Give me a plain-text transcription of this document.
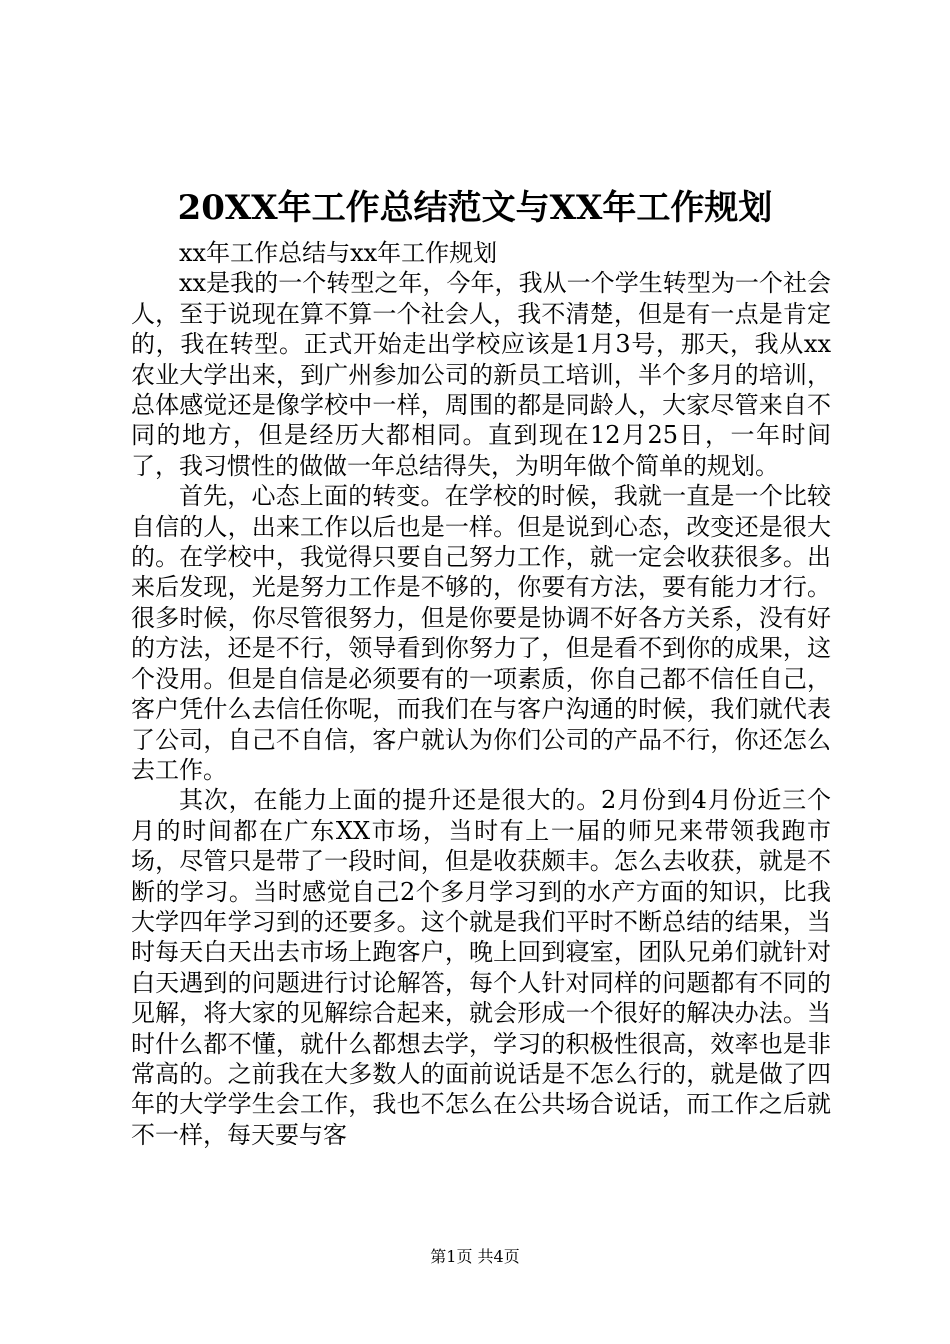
20XX年工作总结范文与XX年工作规划

xx年工作总结与xx年工作规划

xx是我的一个转型之年，今年，我从一个学生转型为一个社会人，至于说现在算不算一个社会人，我不清楚，但是有一点是肯定的，我在转型。正式开始走出学校应该是1月3号，那天，我从xx农业大学出来，到广州参加公司的新员工培训，半个多月的培训，总体感觉还是像学校中一样，周围的都是同龄人，大家尽管来自不同的地方，但是经历大都相同。直到现在12月25日，一年时间了，我习惯性的做做一年总结得失，为明年做个简单的规划。

首先，心态上面的转变。在学校的时候，我就一直是一个比较自信的人，出来工作以后也是一样。但是说到心态，改变还是很大的。在学校中，我觉得只要自己努力工作，就一定会收获很多。出来后发现，光是努力工作是不够的，你要有方法，要有能力才行。很多时候，你尽管很努力，但是你要是协调不好各方关系，没有好的方法，还是不行，领导看到你努力了，但是看不到你的成果，这个没用。但是自信是必须要有的一项素质，你自己都不信任自己，客户凭什么去信任你呢，而我们在与客户沟通的时候，我们就代表了公司，自己不自信，客户就认为你们公司的产品不行，你还怎么去工作。

其次，在能力上面的提升还是很大的。2月份到4月份近三个月的时间都在广东XX市场，当时有上一届的师兄来带领我跑市场，尽管只是带了一段时间，但是收获颇丰。怎么去收获，就是不断的学习。当时感觉自己2个多月学习到的水产方面的知识，比我大学四年学习到的还要多。这个就是我们平时不断总结的结果，当时每天白天出去市场上跑客户，晚上回到寝室，团队兄弟们就针对白天遇到的问题进行讨论解答，每个人针对同样的问题都有不同的见解，将大家的见解综合起来，就会形成一个很好的解决办法。当时什么都不懂，就什么都想去学，学习的积极性很高，效率也是非常高的。之前我在大多数人的面前说话是不怎么行的，就是做了四年的大学学生会工作，我也不怎么在公共场合说话，而工作之后就不一样，每天要与客

第1页 共4页
